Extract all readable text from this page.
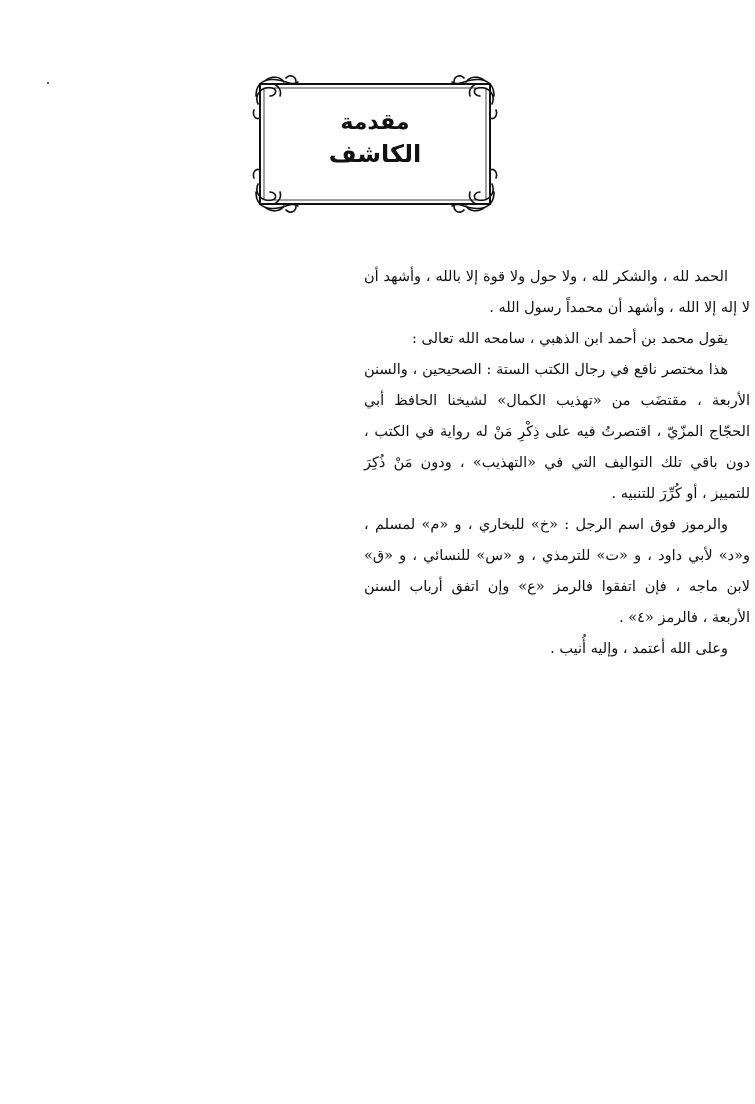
مقدمة
الكاشف

الحمد لله ، والشكر لله ، ولا حول ولا قوة إلا بالله ، وأشهد أن لا إله إلا الله ، وأشهد أن محمداً رسول الله .

يقول محمد بن أحمد ابن الذهبي ، سامحه الله تعالى :

هذا مختصر نافع في رجال الكتب الستة : الصحيحين ، والسنن الأربعة ، مقتضَب من «تهذيب الكمال» لشيخنا الحافظ أبي الحجّاج المزّيّ ، اقتصرتُ فيه على ذِكْرِ مَنْ له رواية في الكتب ، دون باقي تلك التواليف التي في «التهذيب» ، ودون مَنْ ذُكِرَ للتمييز ، أو كُرِّرَ للتنبيه .

والرموز فوق اسم الرجل : «خ» للبخاري ، و «م» لمسلم ، و«د» لأبي داود ، و «ت» للترمذي ، و «س» للنسائي ، و «ق» لابن ماجه ، فإن اتفقوا فالرمز «ع» وإن اتفق أرباب السنن الأربعة ، فالرمز «٤» .

وعلى الله أعتمد ، وإليه أُنيب .
